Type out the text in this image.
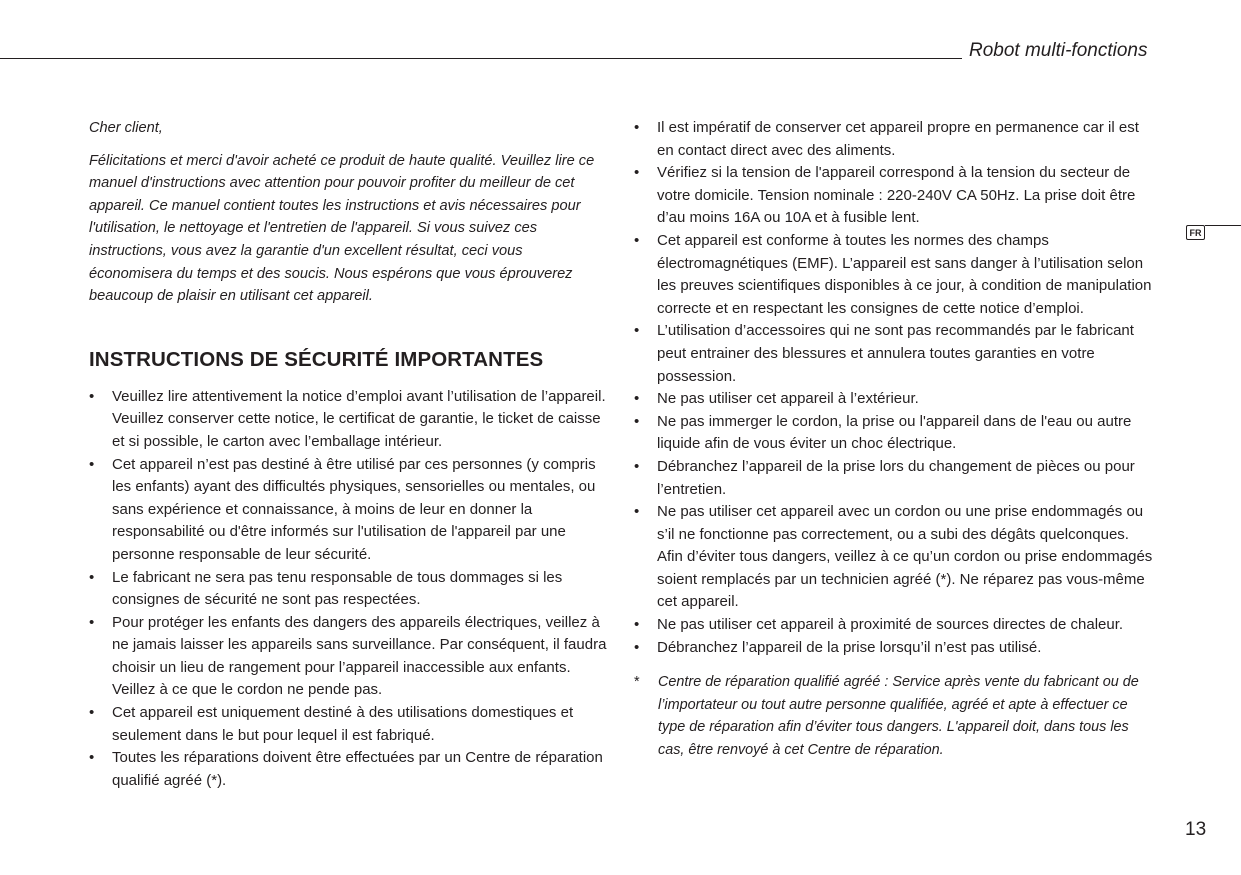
Robot multi-fonctions
FR

Cher client,

Félicitations et merci d'avoir acheté ce produit de haute qualité. Veuillez lire ce manuel d'instructions avec attention pour pouvoir profiter du meilleur de cet appareil. Ce manuel contient toutes les instructions et avis nécessaires pour l'utilisation, le nettoyage et l'entretien de l'appareil. Si vous suivez ces instructions, vous avez la garantie d'un excellent résultat, ceci vous économisera du temps et des soucis. Nous espérons que vous éprouverez beaucoup de plaisir en utilisant cet appareil.

INSTRUCTIONS DE SÉCURITÉ IMPORTANTES
•	Veuillez lire attentivement la notice d’emploi avant l’utilisation de l’appareil. Veuillez conserver cette notice, le certificat de garantie, le ticket de caisse et si possible, le carton avec l’emballage intérieur.
•	Cet appareil n’est pas destiné à être utilisé par ces personnes (y compris les enfants) ayant des difficultés physiques, sensorielles ou mentales, ou sans expérience et connaissance, à moins de leur en donner la responsabilité ou d'être informés sur l'utilisation de l'appareil par une personne responsable de leur sécurité.
•	Le fabricant ne sera pas tenu responsable de tous dommages si les consignes de sécurité ne sont pas respectées.
•	Pour protéger les enfants des dangers des appareils électriques, veillez à ne jamais laisser les appareils sans surveillance. Par conséquent, il faudra choisir un lieu de rangement pour l’appareil inaccessible aux enfants. Veillez à ce que le cordon ne pende pas.
•	Cet appareil est uniquement destiné à des utilisations domestiques et seulement dans le but pour lequel il est fabriqué.
•	Toutes les réparations doivent être effectuées par un Centre de réparation qualifié agréé (*).
•	Il est impératif de conserver cet appareil propre en permanence car il est en contact direct avec des aliments.
•	Vérifiez si la tension de l'appareil correspond à la tension du secteur de votre domicile. Tension nominale : 220-240V CA 50Hz. La prise doit être d’au moins 16A ou 10A et à fusible lent.
•	Cet appareil est conforme à toutes les normes des champs électromagnétiques (EMF). L’appareil est sans danger à l’utilisation selon les preuves scientifiques disponibles à ce jour, à condition de manipulation correcte et en respectant les consignes de cette notice d’emploi.
•	L’utilisation d’accessoires qui ne sont pas recommandés par le fabricant peut entrainer des blessures et annulera toutes garanties en votre possession.
•	Ne pas utiliser cet appareil à l’extérieur.
•	Ne pas immerger le cordon, la prise ou l'appareil dans de l'eau ou autre liquide afin de vous éviter un choc électrique.
•	Débranchez l’appareil de la prise lors du changement de pièces ou pour l’entretien.
•	Ne pas utiliser cet appareil avec un cordon ou une prise endommagés ou s’il ne fonctionne pas correctement, ou a subi des dégâts quelconques. Afin d’éviter tous dangers, veillez à ce qu’un cordon ou prise endommagés soient remplacés par un technicien agréé (*). Ne réparez pas vous-même cet appareil.
•	Ne pas utiliser cet appareil à proximité de sources directes de chaleur.
•	Débranchez l’appareil de la prise lorsqu’il n’est pas utilisé.
* Centre de réparation qualifié agréé : Service après vente du fabricant ou de l’importateur ou tout autre personne qualifiée, agréé et apte à effectuer ce type de réparation afin d’éviter tous dangers. L'appareil doit, dans tous les cas, être renvoyé à cet Centre de réparation.
13
